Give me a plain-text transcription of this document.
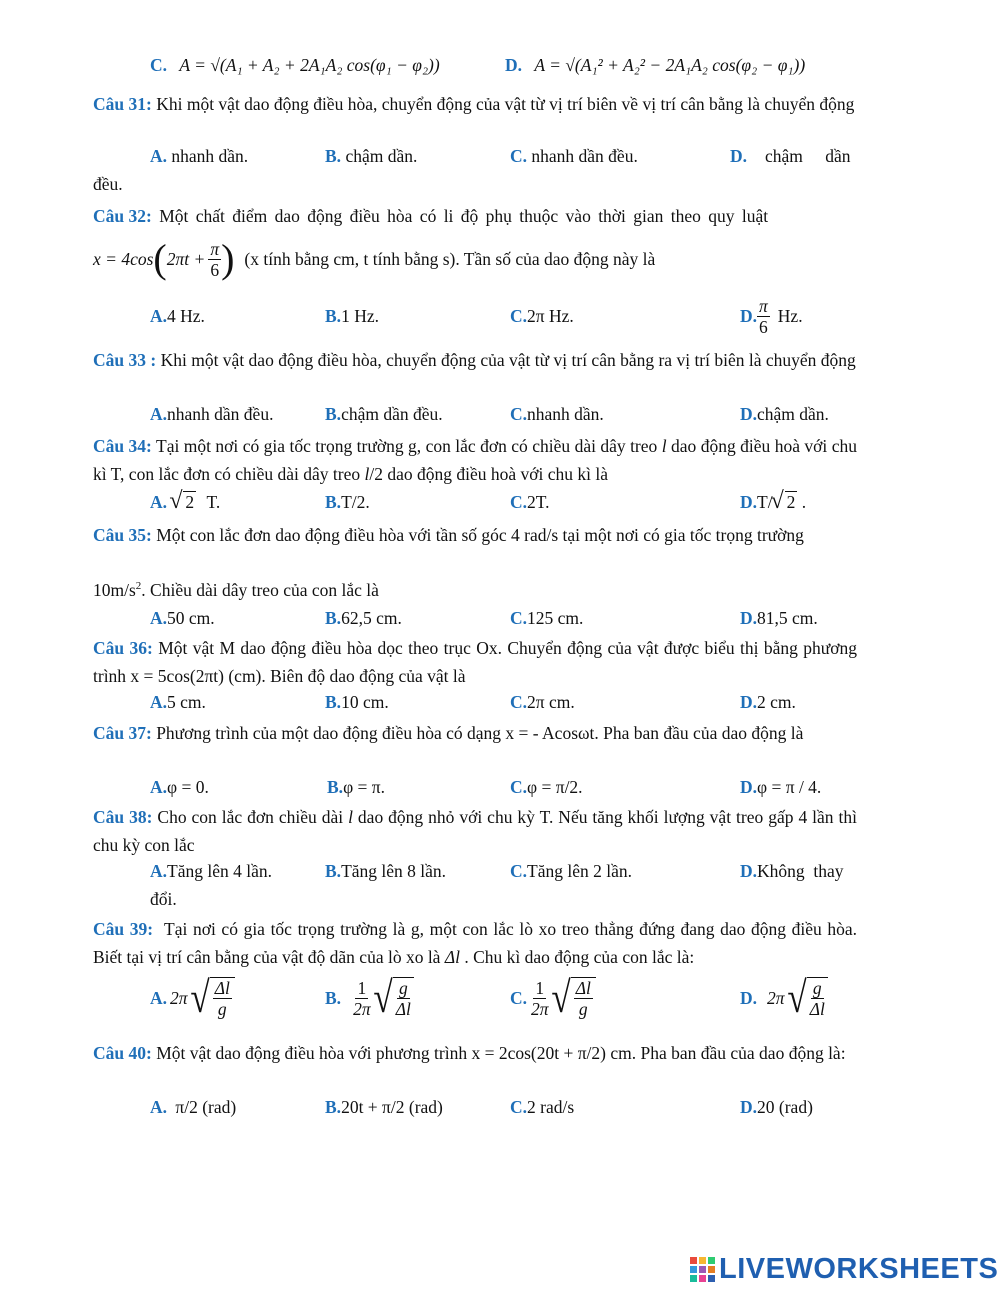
C. A = √(A₁ + A₂ + 2A₁A₂ cos(φ₁ − φ₂))	D. A = √(A₁² + A₂² − 2A₁A₂ cos(φ₂ − φ₁))
Câu 31: Khi một vật dao động điều hòa, chuyển động của vật từ vị trí biên về vị trí cân bằng là chuyển động
A. nhanh dần.	B. chậm dần.	C. nhanh dần đều.	D. chậm dần
đều.
Câu 32: Một chất điểm dao động điều hòa có li độ phụ thuộc vào thời gian theo quy luật
x = 4cos ( $2\pi t + \frac{\pi}{6}$ ) (x tính bằng cm, t tính bằng s). Tần số của dao động này là
A.4 Hz.	B.1 Hz.	C.2π Hz.	D. $\frac{\pi}{6} Hz$.
Câu 33 : Khi một vật dao động điều hòa, chuyển động của vật từ vị trí cân bằng ra vị trí biên là chuyển động
A.nhanh dần đều.	B.chậm dần đều.	C.nhanh dần.	D.chậm dần.
Câu 34: Tại một nơi có gia tốc trọng trường g, con lắc đơn có chiều dài dây treo l dao động điều hoà với chu kì T, con lắc đơn có chiều dài dây treo l/2 dao động điều hoà với chu kì là
A. √ 2 T.	B.T/2.	C.2T.	D.T/ √ 2 .
Câu 35: Một con lắc đơn dao động điều hòa với tần số góc 4 rad/s tại một nơi có gia tốc trọng trường
$10m/s^2$. Chiều dài dây treo của con lắc là
A.50 cm.	B.62,5 cm.	C.125 cm.	D.81,5 cm.
Câu 36: Một vật M dao động điều hòa dọc theo trục Ox. Chuyển động của vật được biểu thị bằng phương trình x = 5cos(2πt) (cm). Biên độ dao động của vật là
A.5 cm.	B.10 cm.	C.2π cm.	D.2 cm.
Câu 37: Phương trình của một dao động điều hòa có dạng x = - Acosωt. Pha ban đầu của dao động là
A.φ = 0.	B.φ = π.	C.φ = π/2.	D.φ = π / 4.
Câu 38: Cho con lắc đơn chiều dài l dao động nhỏ với chu kỳ T. Nếu tăng khối lượng vật treo gấp 4 lần thì chu kỳ con lắc
A.Tăng lên 4 lần.	B.Tăng lên 8 lần.	C.Tăng lên 2 lần.	D.Không  thay
đổi.
Câu 39:  Tại nơi có gia tốc trọng trường là g, một con lắc lò xo treo thẳng đứng đang dao động điều hòa.  Biết tại vị trí cân bằng của vật độ dãn của lò xo là Δl . Chu kì dao động của con lắc là:
A. 2π √ $\frac{\Delta l}{g}$	B. $\frac{1}{2\pi}$ √ $\frac{g}{\Delta l}$	C. $\frac{1}{2\pi}$ √ $\frac{\Delta l}{g}$	D. 2π √ $\frac{g}{\Delta l}$
Câu 40: Một vật dao động điều hòa với phương trình x = 2cos(20t + π/2) cm. Pha ban đầu của dao động là:
A. π/2 (rad)	B.20t + π/2 (rad)	C.2 rad/s	D.20 (rad)
LIVEWORKSHEETS
